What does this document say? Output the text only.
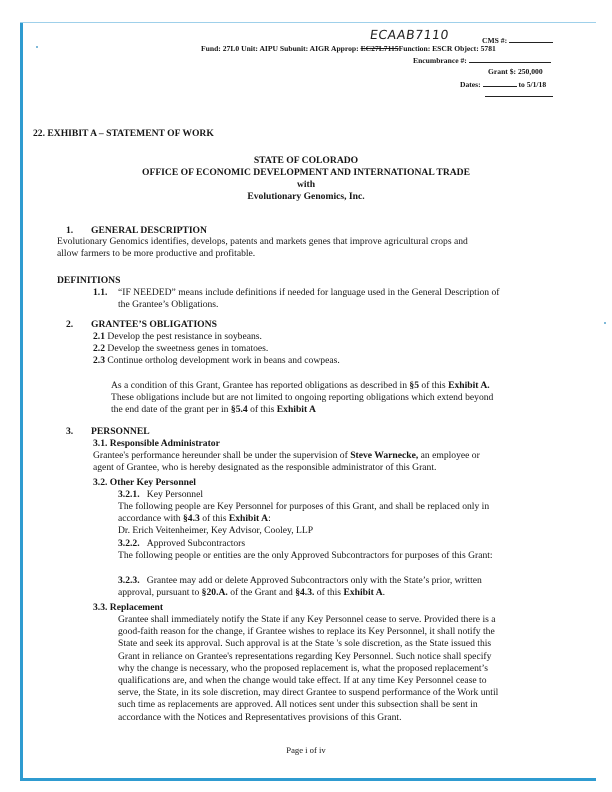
ECAAB7110	CMS #:
Fund: 27L0 Unit: AIPU Subunit: AIGR Approp: EC27L7115Function: ESCR Object: 5781
Encumbrance #:
Grant $: 250,000
Dates:	to 5/1/18
22. EXHIBIT A – STATEMENT OF WORK
STATE OF COLORADO
OFFICE OF ECONOMIC DEVELOPMENT AND INTERNATIONAL TRADE
with
Evolutionary Genomics, Inc.
1. GENERAL DESCRIPTION
Evolutionary Genomics identifies, develops, patents and markets genes that improve agricultural crops and
allow farmers to be more productive and profitable.
DEFINITIONS
1.1. “IF NEEDED” means include definitions if needed for language used in the General Description of
the Grantee’s Obligations.
2. GRANTEE’S OBLIGATIONS
2.1 Develop the pest resistance in soybeans.
2.2 Develop the sweetness genes in tomatoes.
2.3 Continue ortholog development work in beans and cowpeas.
As a condition of this Grant, Grantee has reported obligations as described in §5 of this Exhibit A.
These obligations include but are not limited to ongoing reporting obligations which extend beyond
the end date of the grant per in §5.4 of this Exhibit A
3. PERSONNEL
3.1. Responsible Administrator
Grantee's performance hereunder shall be under the supervision of Steve Warnecke, an employee or
agent of Grantee, who is hereby designated as the responsible administrator of this Grant.
3.2. Other Key Personnel
3.2.1. Key Personnel
The following people are Key Personnel for purposes of this Grant, and shall be replaced only in
accordance with §4.3 of this Exhibit A:
Dr. Erich Veitenheimer, Key Advisor, Cooley, LLP
3.2.2. Approved Subcontractors
The following people or entities are the only Approved Subcontractors for purposes of this Grant:
3.2.3. Grantee may add or delete Approved Subcontractors only with the State’s prior, written
approval, pursuant to §20.A. of the Grant and §4.3. of this Exhibit A.
3.3. Replacement
Grantee shall immediately notify the State if any Key Personnel cease to serve. Provided there is a
good-faith reason for the change, if Grantee wishes to replace its Key Personnel, it shall notify the
State and seek its approval. Such approval is at the State 's sole discretion, as the State issued this
Grant in reliance on Grantee's representations regarding Key Personnel. Such notice shall specify
why the change is necessary, who the proposed replacement is, what the proposed replacement’s
qualifications are, and when the change would take effect. If at any time Key Personnel cease to
serve, the State, in its sole discretion, may direct Grantee to suspend performance of the Work until
such time as replacements are approved. All notices sent under this subsection shall be sent in
accordance with the Notices and Representatives provisions of this Grant.
Page i of iv
